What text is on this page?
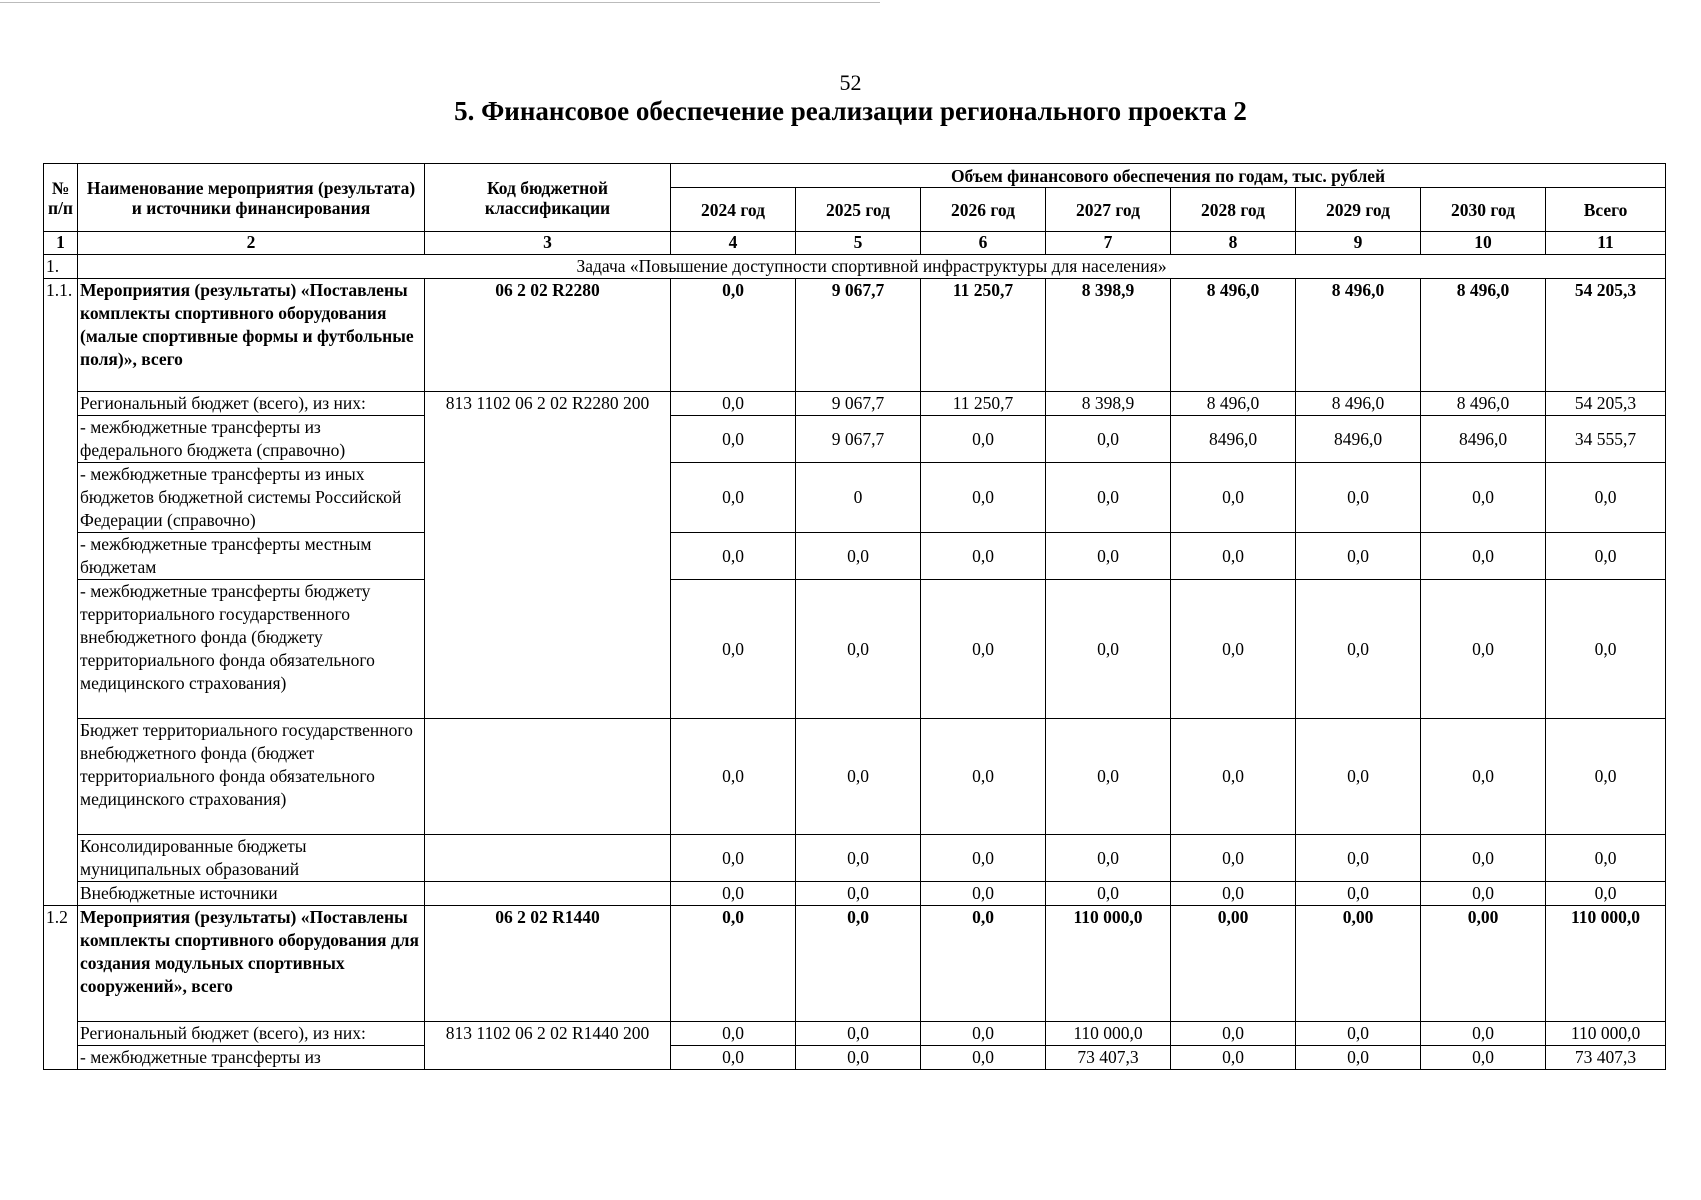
52
5. Финансовое обеспечение реализации регионального проекта 2
№ п/п	Наименование мероприятия (результата) и источники финансирования	Код бюджетной классификации	Объем финансового обеспечения по годам, тыс. рублей							
			2024 год	2025 год	2026 год	2027 год	2028 год	2029 год	2030 год	Всего
1	2	3	4	5	6	7	8	9	10	11
1.	Задача «Повышение доступности спортивной инфраструктуры для населения»									
1.1.	Мероприятия (результаты) «Поставлены комплекты спортивного оборудования (малые спортивные формы и футбольные поля)», всего	06 2 02 R2280	0,0	9 067,7	11 250,7	8 398,9	8 496,0	8 496,0	8 496,0	54 205,3
	Региональный бюджет (всего), из них:	813 1102 06 2 02 R2280 200	0,0	9 067,7	11 250,7	8 398,9	8 496,0	8 496,0	8 496,0	54 205,3
	- межбюджетные трансферты из федерального бюджета (справочно)		0,0	9 067,7	0,0	0,0	8496,0	8496,0	8496,0	34 555,7
	- межбюджетные трансферты из иных бюджетов бюджетной системы Российской Федерации (справочно)		0,0	0	0,0	0,0	0,0	0,0	0,0	0,0
	- межбюджетные трансферты местным бюджетам		0,0	0,0	0,0	0,0	0,0	0,0	0,0	0,0
	- межбюджетные трансферты бюджету территориального государственного внебюджетного фонда (бюджету территориального фонда обязательного медицинского страхования)		0,0	0,0	0,0	0,0	0,0	0,0	0,0	0,0
	Бюджет территориального государственного внебюджетного фонда (бюджет территориального фонда обязательного медицинского страхования)		0,0	0,0	0,0	0,0	0,0	0,0	0,0	0,0
	Консолидированные бюджеты муниципальных образований		0,0	0,0	0,0	0,0	0,0	0,0	0,0	0,0
	Внебюджетные источники		0,0	0,0	0,0	0,0	0,0	0,0	0,0	0,0
1.2	Мероприятия (результаты) «Поставлены комплекты спортивного оборудования для создания модульных спортивных сооружений», всего	06 2 02 R1440	0,0	0,0	0,0	110 000,0	0,00	0,00	0,00	110 000,0
	Региональный бюджет (всего), из них:	813 1102 06 2 02 R1440 200	0,0	0,0	0,0	110 000,0	0,0	0,0	0,0	110 000,0
	- межбюджетные трансферты из		0,0	0,0	0,0	73 407,3	0,0	0,0	0,0	73 407,3
